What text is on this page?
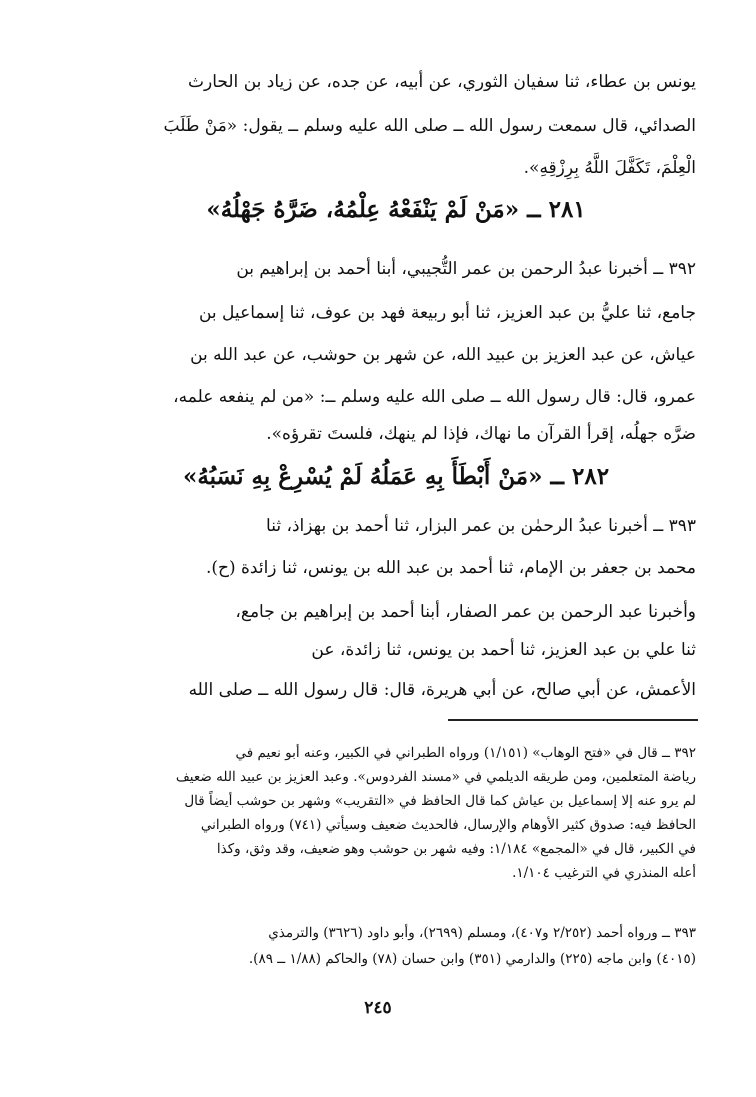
يونس بن عطاء، ثنا سفيان الثوري، عن أبيه، عن جده، عن زياد بن الحارث
الصدائي، قال سمعت رسول الله ــ صلى الله عليه وسلم ــ يقول: «مَنْ طَلَبَ
الْعِلْمَ، تَكَفَّلَ اللَّهُ بِرِزْقِهِ».
٢٨١ ــ «مَنْ لَمْ يَنْفَعْهُ عِلْمُهُ، ضَرَّهُ جَهْلُهُ»
٣٩٢ ــ أخبرنا عبدُ الرحمن بن عمر التُّجيبي، أبنا أحمد بن إبراهيم بن
جامع، ثنا عليُّ بن عبد العزيز، ثنا أبو ربيعة فهد بن عوف، ثنا إسماعيل بن
عياش، عن عبد العزيز بن عبيد الله، عن شهر بن حوشب، عن عبد الله بن
عمرو، قال: قال رسول الله ــ صلى الله عليه وسلم ــ: «من لم ينفعه علمه،
ضرَّه جهلُه، إقرأ القرآن ما نهاك، فإذا لم ينهك، فلستَ تقرؤه».
٢٨٢ ــ «مَنْ أَبْطَأَ بِهِ عَمَلُهُ لَمْ يُسْرِعْ بِهِ نَسَبُهُ»
٣٩٣ ــ أخبرنا عبدُ الرحمٰن بن عمر البزار، ثنا أحمد بن بهزاذ، ثنا
محمد بن جعفر بن الإمام، ثنا أحمد بن عبد الله بن يونس، ثنا زائدة (ح).
وأخبرنا عبد الرحمن بن عمر الصفار، أبنا أحمد بن إبراهيم بن جامع،
ثنا علي بن عبد العزيز، ثنا أحمد بن يونس، ثنا زائدة، عن
الأعمش، عن أبي صالح، عن أبي هريرة، قال: قال رسول الله ــ صلى الله
٣٩٢ ــ قال في «فتح الوهاب» (١/١٥١) ورواه الطبراني في الكبير، وعنه أبو نعيم في
رياضة المتعلمين، ومن طريقه الديلمي في «مسند الفردوس». وعبد العزيز بن عبيد الله ضعيف
لم يرو عنه إلا إسماعيل بن عياش كما قال الحافظ في «التقريب» وشهر بن حوشب أيضاً قال
الحافظ فيه: صدوق كثير الأوهام والإرسال، فالحديث ضعيف وسيأتي (٧٤١) ورواه الطبراني
في الكبير، قال في «المجمع» ١/١٨٤: وفيه شهر بن حوشب وهو ضعيف، وقد وثق، وكذا
أعله المنذري في الترغيب ١/١٠٤.
٣٩٣ ــ ورواه أحمد (٢/٢٥٢ و٤٠٧)، ومسلم (٢٦٩٩)، وأبو داود (٣٦٢٦) والترمذي
(٤٠١٥) وابن ماجه (٢٢٥) والدارمي (٣٥١) وابن حسان (٧٨) والحاكم (١/٨٨ ــ ٨٩).
٢٤٥
